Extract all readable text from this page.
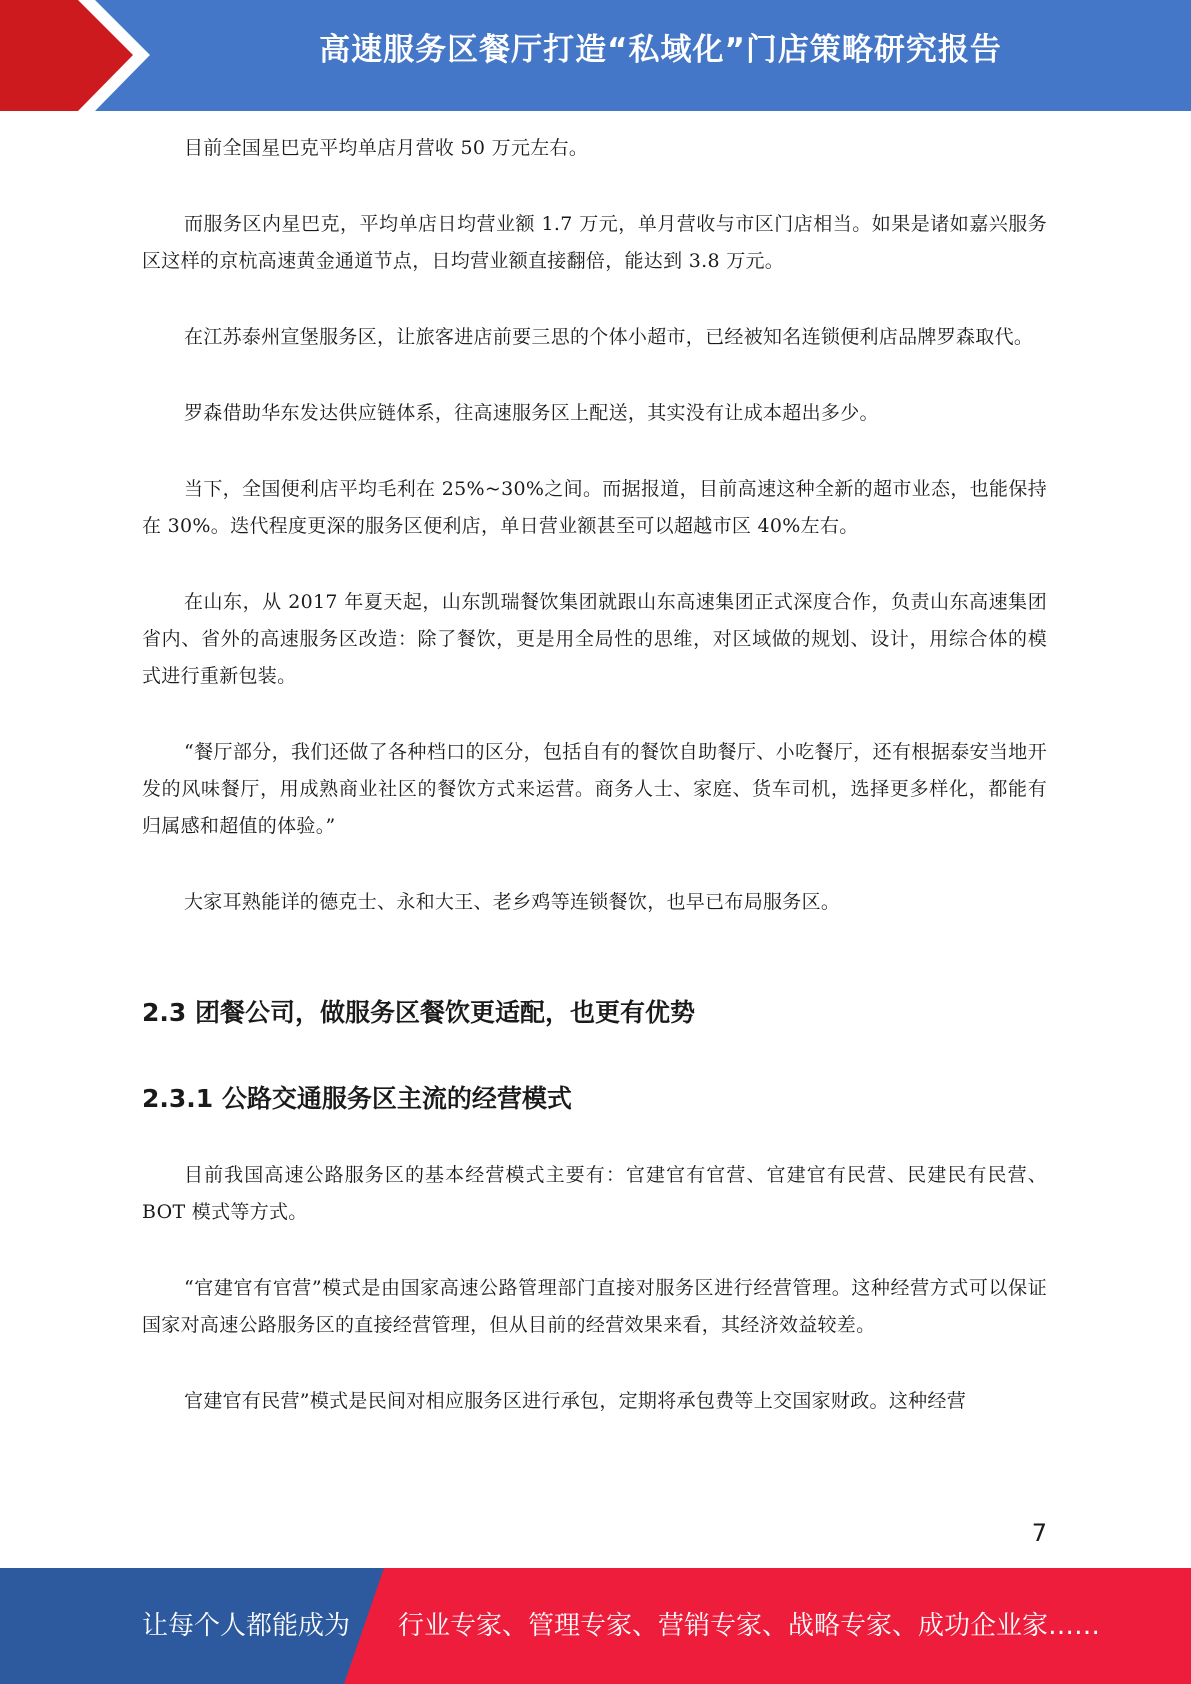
高速服务区餐厅打造“私域化”门店策略研究报告

目前全国星巴克平均单店月营收 50 万元左右。

而服务区内星巴克，平均单店日均营业额 1.7 万元，单月营收与市区门店相当。如果是诸如嘉兴服务区这样的京杭高速黄金通道节点，日均营业额直接翻倍，能达到 3.8 万元。

在江苏泰州宣堡服务区，让旅客进店前要三思的个体小超市，已经被知名连锁便利店品牌罗森取代。

罗森借助华东发达供应链体系，往高速服务区上配送，其实没有让成本超出多少。

当下，全国便利店平均毛利在 25%~30%之间。而据报道，目前高速这种全新的超市业态，也能保持在 30%。迭代程度更深的服务区便利店，单日营业额甚至可以超越市区 40%左右。

在山东，从 2017 年夏天起，山东凯瑞餐饮集团就跟山东高速集团正式深度合作，负责山东高速集团省内、省外的高速服务区改造：除了餐饮，更是用全局性的思维，对区域做的规划、设计，用综合体的模式进行重新包装。

“餐厅部分，我们还做了各种档口的区分，包括自有的餐饮自助餐厅、小吃餐厅，还有根据泰安当地开发的风味餐厅，用成熟商业社区的餐饮方式来运营。商务人士、家庭、货车司机，选择更多样化，都能有归属感和超值的体验。”

大家耳熟能详的德克士、永和大王、老乡鸡等连锁餐饮，也早已布局服务区。

2.3 团餐公司，做服务区餐饮更适配，也更有优势
2.3.1 公路交通服务区主流的经营模式

目前我国高速公路服务区的基本经营模式主要有：官建官有官营、官建官有民营、民建民有民营、BOT 模式等方式。

“官建官有官营”模式是由国家高速公路管理部门直接对服务区进行经营管理。这种经营方式可以保证国家对高速公路服务区的直接经营管理，但从目前的经营效果来看，其经济效益较差。

官建官有民营”模式是民间对相应服务区进行承包，定期将承包费等上交国家财政。这种经营

7
让每个人都能成为 行业专家、管理专家、营销专家、战略专家、成功企业家……
